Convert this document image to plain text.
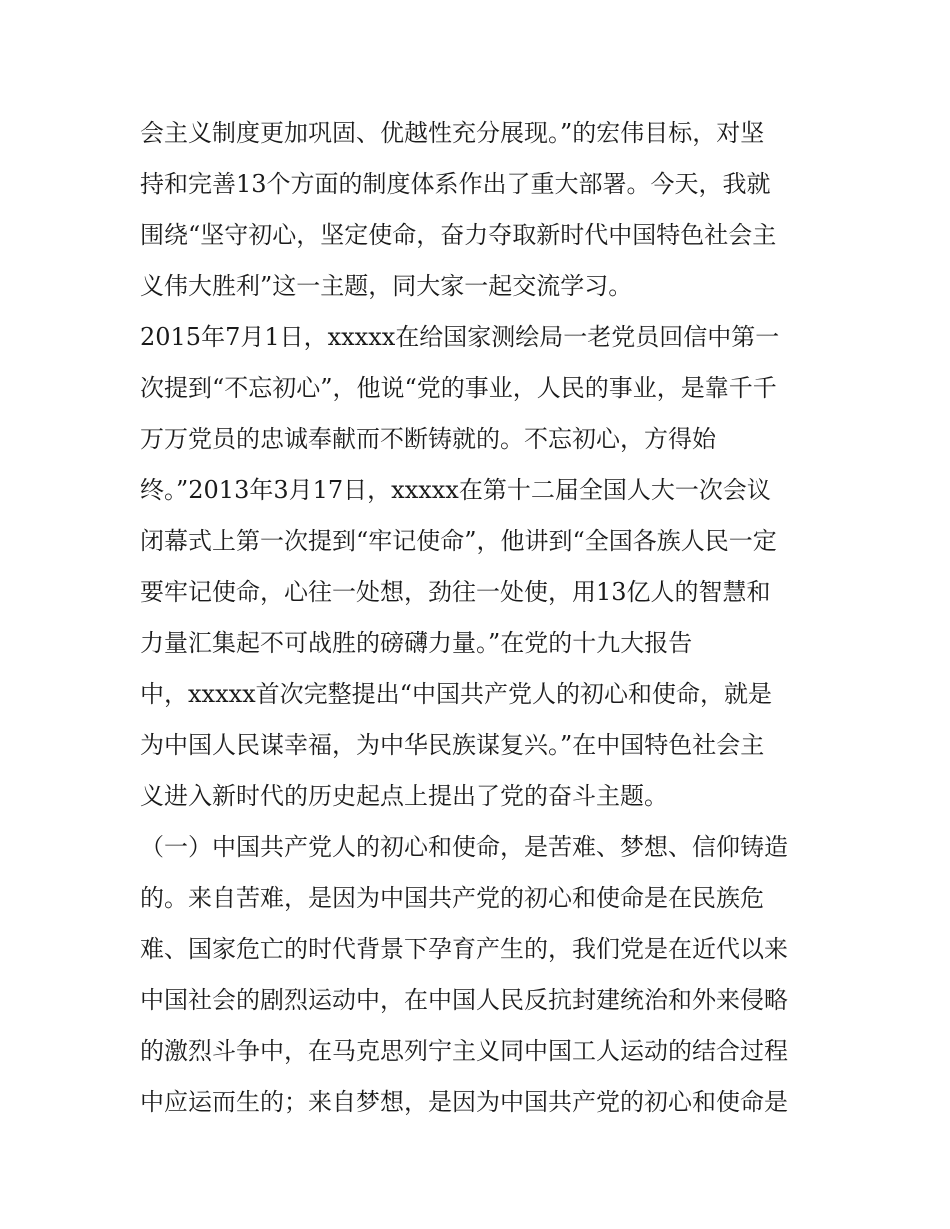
会主义制度更加巩固、优越性充分展现。”的宏伟目标，对坚
持和完善13个方面的制度体系作出了重大部署。今天，我就
围绕“坚守初心，坚定使命，奋力夺取新时代中国特色社会主
义伟大胜利”这一主题，同大家一起交流学习。
2015年7月1日，xxxxx在给国家测绘局一老党员回信中第一
次提到“不忘初心”，他说“党的事业，人民的事业，是靠千千
万万党员的忠诚奉献而不断铸就的。不忘初心，方得始
终。”2013年3月17日，xxxxx在第十二届全国人大一次会议
闭幕式上第一次提到“牢记使命”，他讲到“全国各族人民一定
要牢记使命，心往一处想，劲往一处使，用13亿人的智慧和
力量汇集起不可战胜的磅礴力量。”在党的十九大报告
中，xxxxx首次完整提出“中国共产党人的初心和使命，就是
为中国人民谋幸福，为中华民族谋复兴。”在中国特色社会主
义进入新时代的历史起点上提出了党的奋斗主题。
（一）中国共产党人的初心和使命，是苦难、梦想、信仰铸造
的。来自苦难，是因为中国共产党的初心和使命是在民族危
难、国家危亡的时代背景下孕育产生的，我们党是在近代以来
中国社会的剧烈运动中，在中国人民反抗封建统治和外来侵略
的激烈斗争中，在马克思列宁主义同中国工人运动的结合过程
中应运而生的；来自梦想，是因为中国共产党的初心和使命是
